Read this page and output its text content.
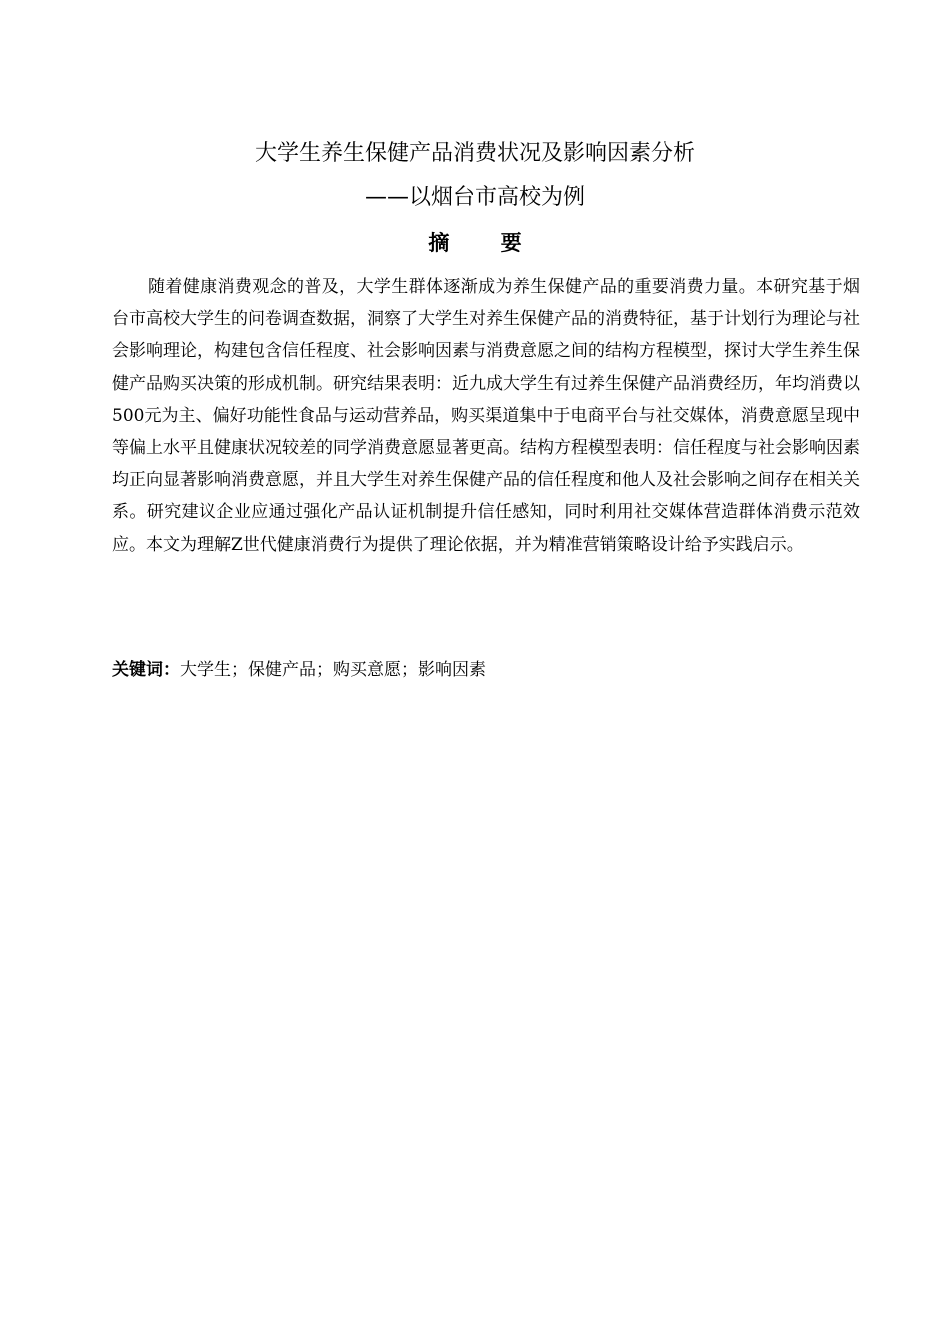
大学生养生保健产品消费状况及影响因素分析
——以烟台市高校为例
摘 要
随着健康消费观念的普及，大学生群体逐渐成为养生保健产品的重要消费力量。本研究基于烟台市高校大学生的问卷调查数据，洞察了大学生对养生保健产品的消费特征，基于计划行为理论与社会影响理论，构建包含信任程度、社会影响因素与消费意愿之间的结构方程模型，探讨大学生养生保健产品购买决策的形成机制。研究结果表明：近九成大学生有过养生保健产品消费经历，年均消费以500元为主、偏好功能性食品与运动营养品，购买渠道集中于电商平台与社交媒体，消费意愿呈现中等偏上水平且健康状况较差的同学消费意愿显著更高。结构方程模型表明：信任程度与社会影响因素均正向显著影响消费意愿，并且大学生对养生保健产品的信任程度和他人及社会影响之间存在相关关系。研究建议企业应通过强化产品认证机制提升信任感知，同时利用社交媒体营造群体消费示范效应。本文为理解Z世代健康消费行为提供了理论依据，并为精准营销策略设计给予实践启示。
关键词：大学生；保健产品；购买意愿；影响因素
